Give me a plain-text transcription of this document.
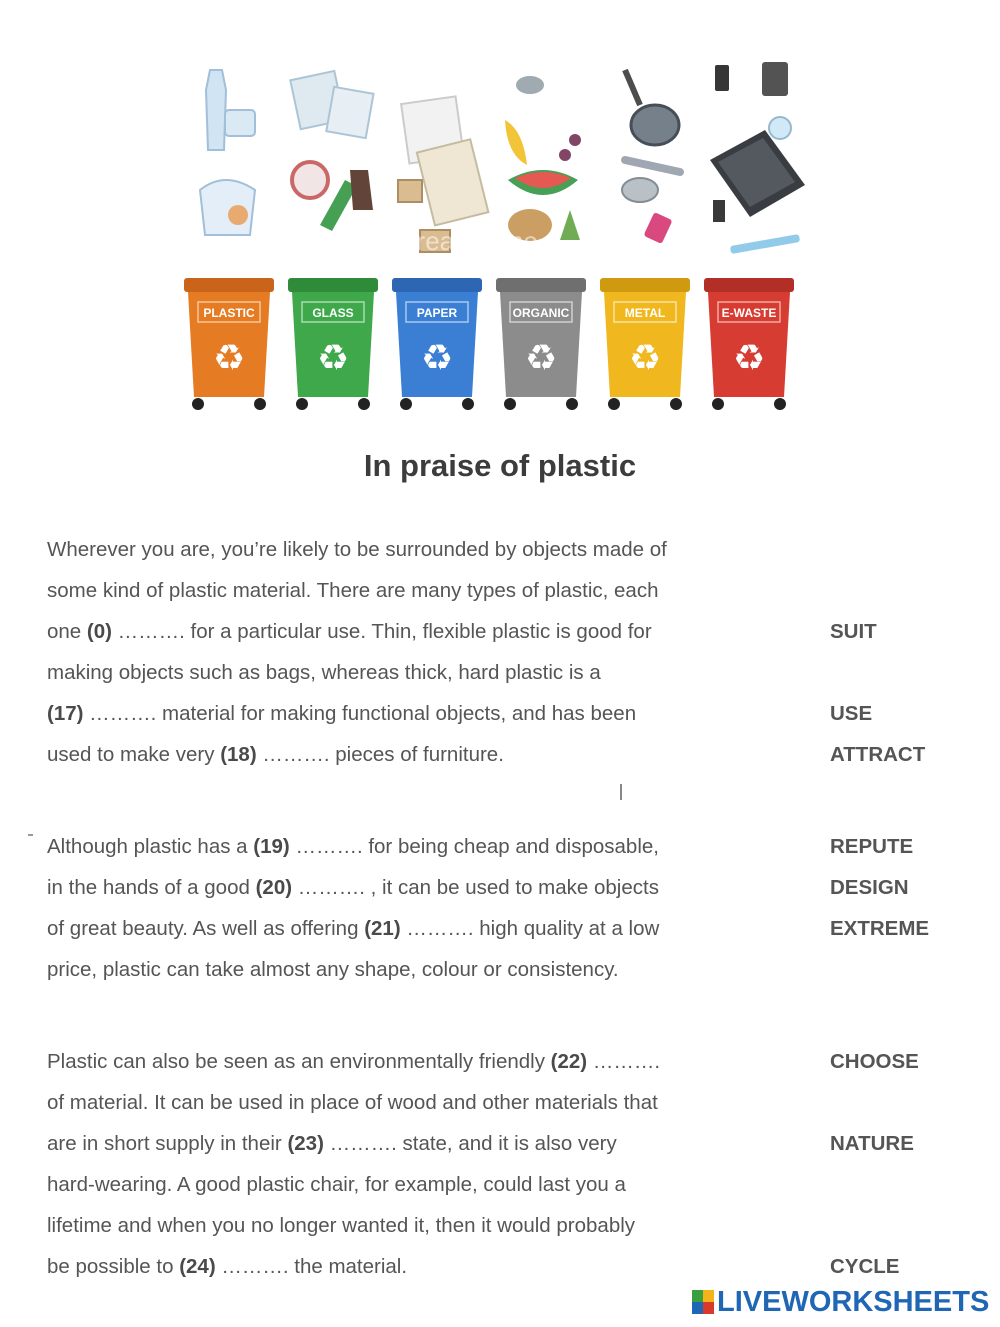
PLASTIC
♻
GLASS
♻
PAPER
♻
ORGANIC
♻
METAL
♻
E-WASTE
♻
dreamstime
In praise of plastic
Wherever you are, you’re likely to be surrounded by objects made of
some kind of plastic material. There are many types of plastic, each
one (0) ………. for a particular use. Thin, flexible plastic is good for	SUIT
making objects such as bags, whereas thick, hard plastic is a
(17) ………. material for making functional objects, and has been	USE
used to make very (18) ………. pieces of furniture.	ATTRACT
Although plastic has a (19) ………. for being cheap and disposable,	REPUTE
in the hands of a good (20) ………. , it can be used to make objects	DESIGN
of great beauty. As well as offering (21) ………. high quality at a low	EXTREME
price, plastic can take almost any shape, colour or consistency.
Plastic can also be seen as an environmentally friendly (22) ……….	CHOOSE
of material. It can be used in place of wood and other materials that
are in short supply in their (23) ………. state, and it is also very	NATURE
hard-wearing. A good plastic chair, for example, could last you a
lifetime and when you no longer wanted it, then it would probably
be possible to (24) ………. the material.	CYCLE
LIVEWORKSHEETS
